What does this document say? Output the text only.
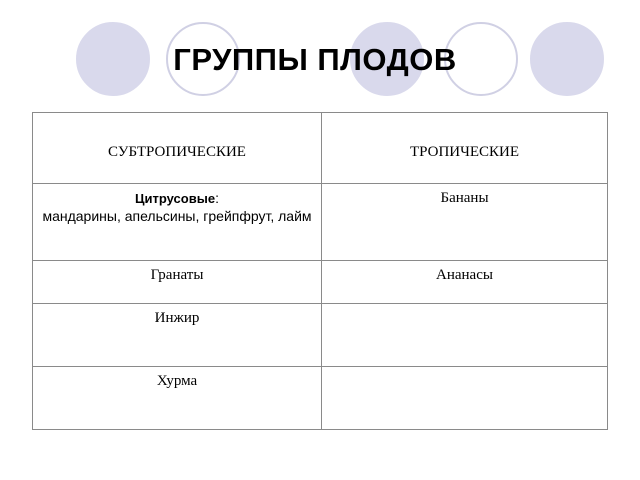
ГРУППЫ ПЛОДОВ
СУБТРОПИЧЕСКИЕ	ТРОПИЧЕСКИЕ

Цитрусовые:
мандарины, апельсины, грейпфрут, лайм	Бананы

Гранаты	Ананасы

Инжир	

Хурма	
